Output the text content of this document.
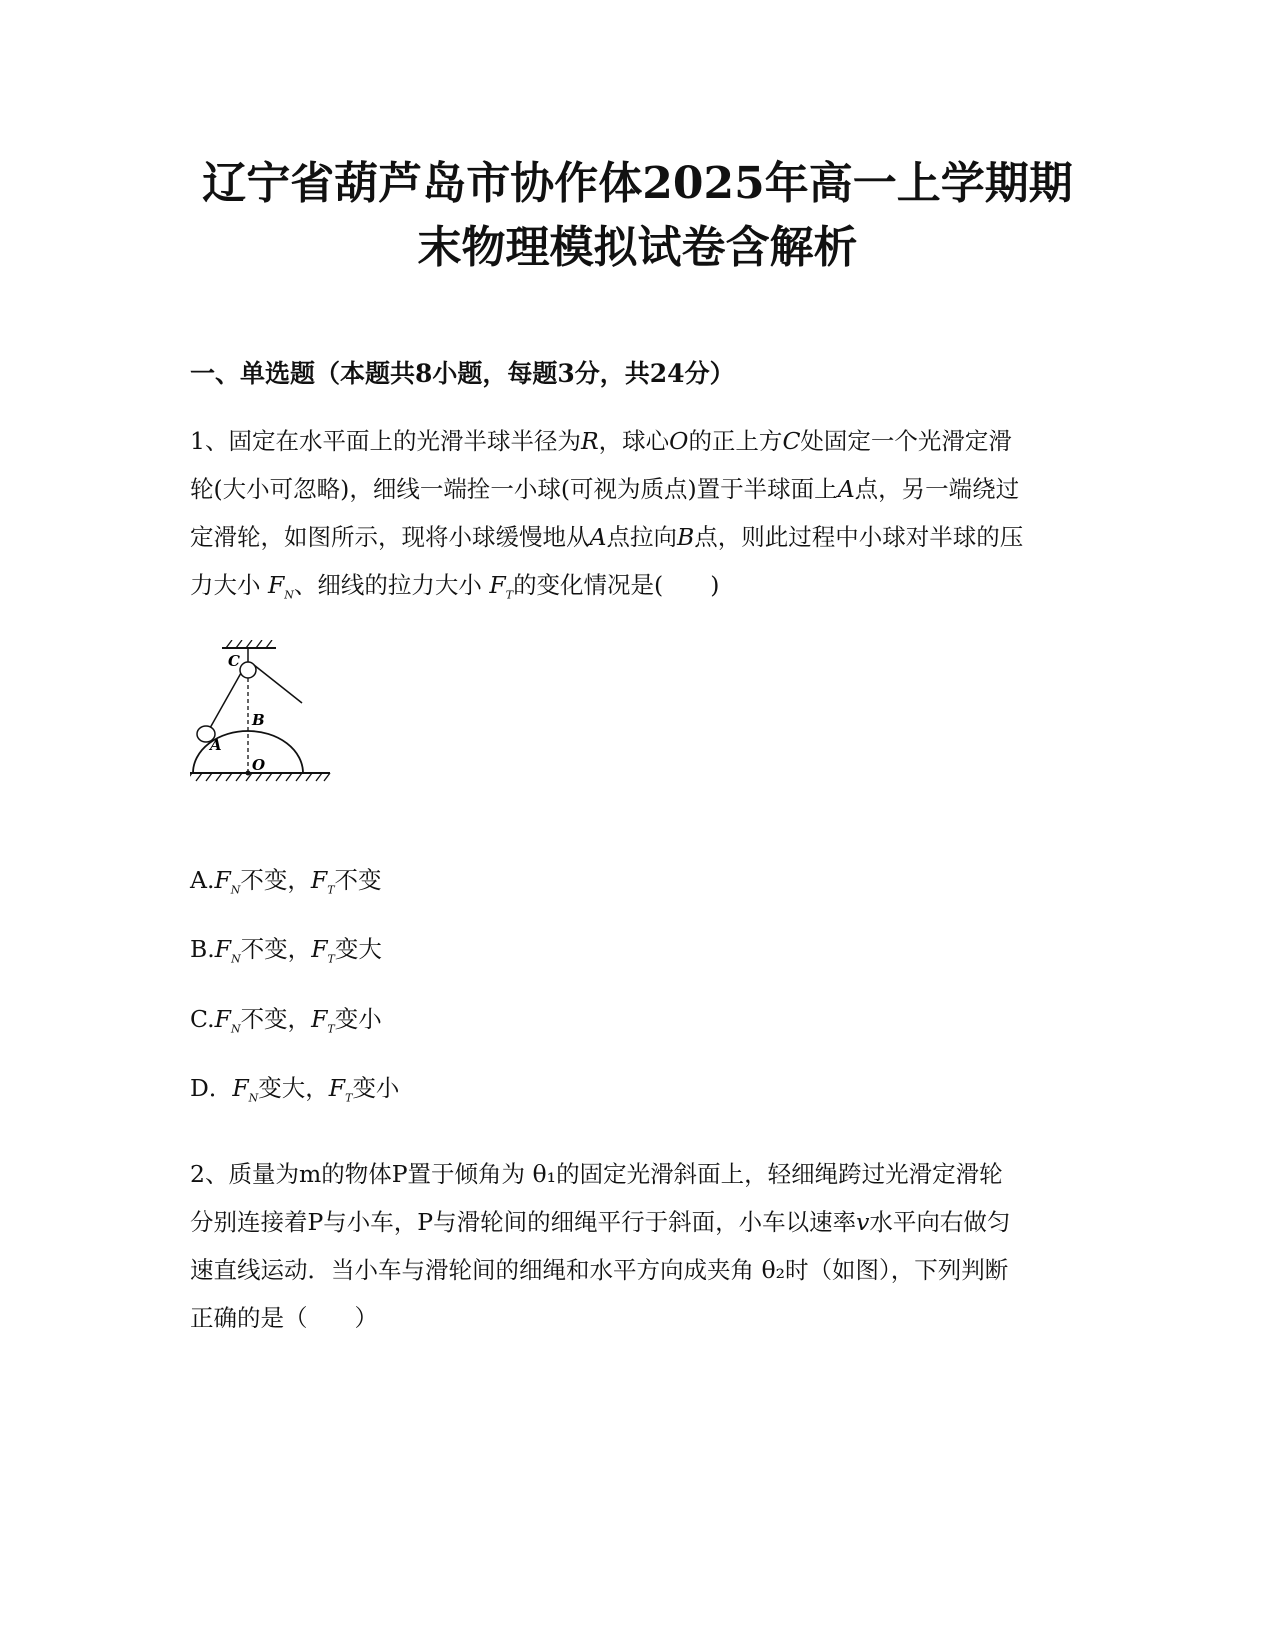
辽宁省葫芦岛市协作体2025年高一上学期期
末物理模拟试卷含解析
一、单选题（本题共8小题，每题3分，共24分）
1、固定在水平面上的光滑半球半径为R，球心O的正上方C处固定一个光滑定滑
轮(大小可忽略)，细线一端拴一小球(可视为质点)置于半球面上A点，另一端绕过
定滑轮，如图所示，现将小球缓慢地从A点拉向B点，则此过程中小球对半球的压
力大小 $F_N$、细线的拉力大小 $F_T$的变化情况是(　　)
C
B
A
O
$A.F_N$不变，$F_T$不变
$B.F_N$不变，$F_T$变大
$C.F_N$不变，$F_T$变小
D．$F_N$变大，$F_T$变小
2、质量为m的物体P置于倾角为 θ₁的固定光滑斜面上，轻细绳跨过光滑定滑轮
分别连接着P与小车，P与滑轮间的细绳平行于斜面，小车以速率v水平向右做匀
速直线运动．当小车与滑轮间的细绳和水平方向成夹角 θ₂时（如图），下列判断
正确的是（　　）
